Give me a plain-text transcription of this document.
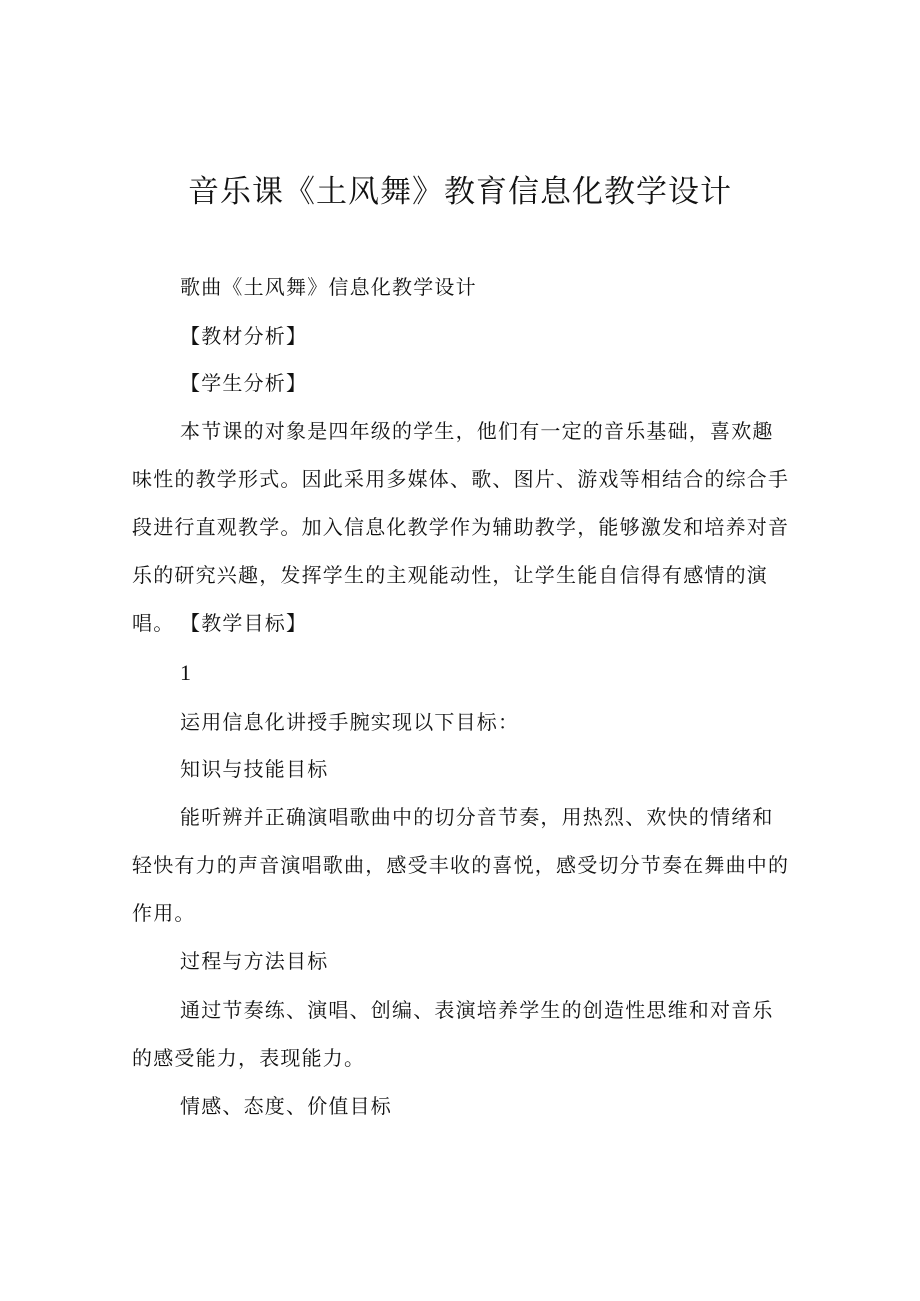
音乐课《土风舞》教育信息化教学设计
歌曲《土风舞》信息化教学设计
【教材分析】
【学生分析】

本节课的对象是四年级的学生，他们有一定的音乐基础，喜欢趣味性的教学形式。因此采用多媒体、歌、图片、游戏等相结合的综合手段进行直观教学。加入信息化教学作为辅助教学，能够激发和培养对音乐的研究兴趣，发挥学生的主观能动性，让学生能自信得有感情的演唱。 【教学目标】
1
运用信息化讲授手腕实现以下目标：
知识与技能目标

能听辨并正确演唱歌曲中的切分音节奏，用热烈、欢快的情绪和轻快有力的声音演唱歌曲，感受丰收的喜悦，感受切分节奏在舞曲中的作用。

过程与方法目标

通过节奏练、演唱、创编、表演培养学生的创造性思维和对音乐的感受能力，表现能力。

情感、态度、价值目标
